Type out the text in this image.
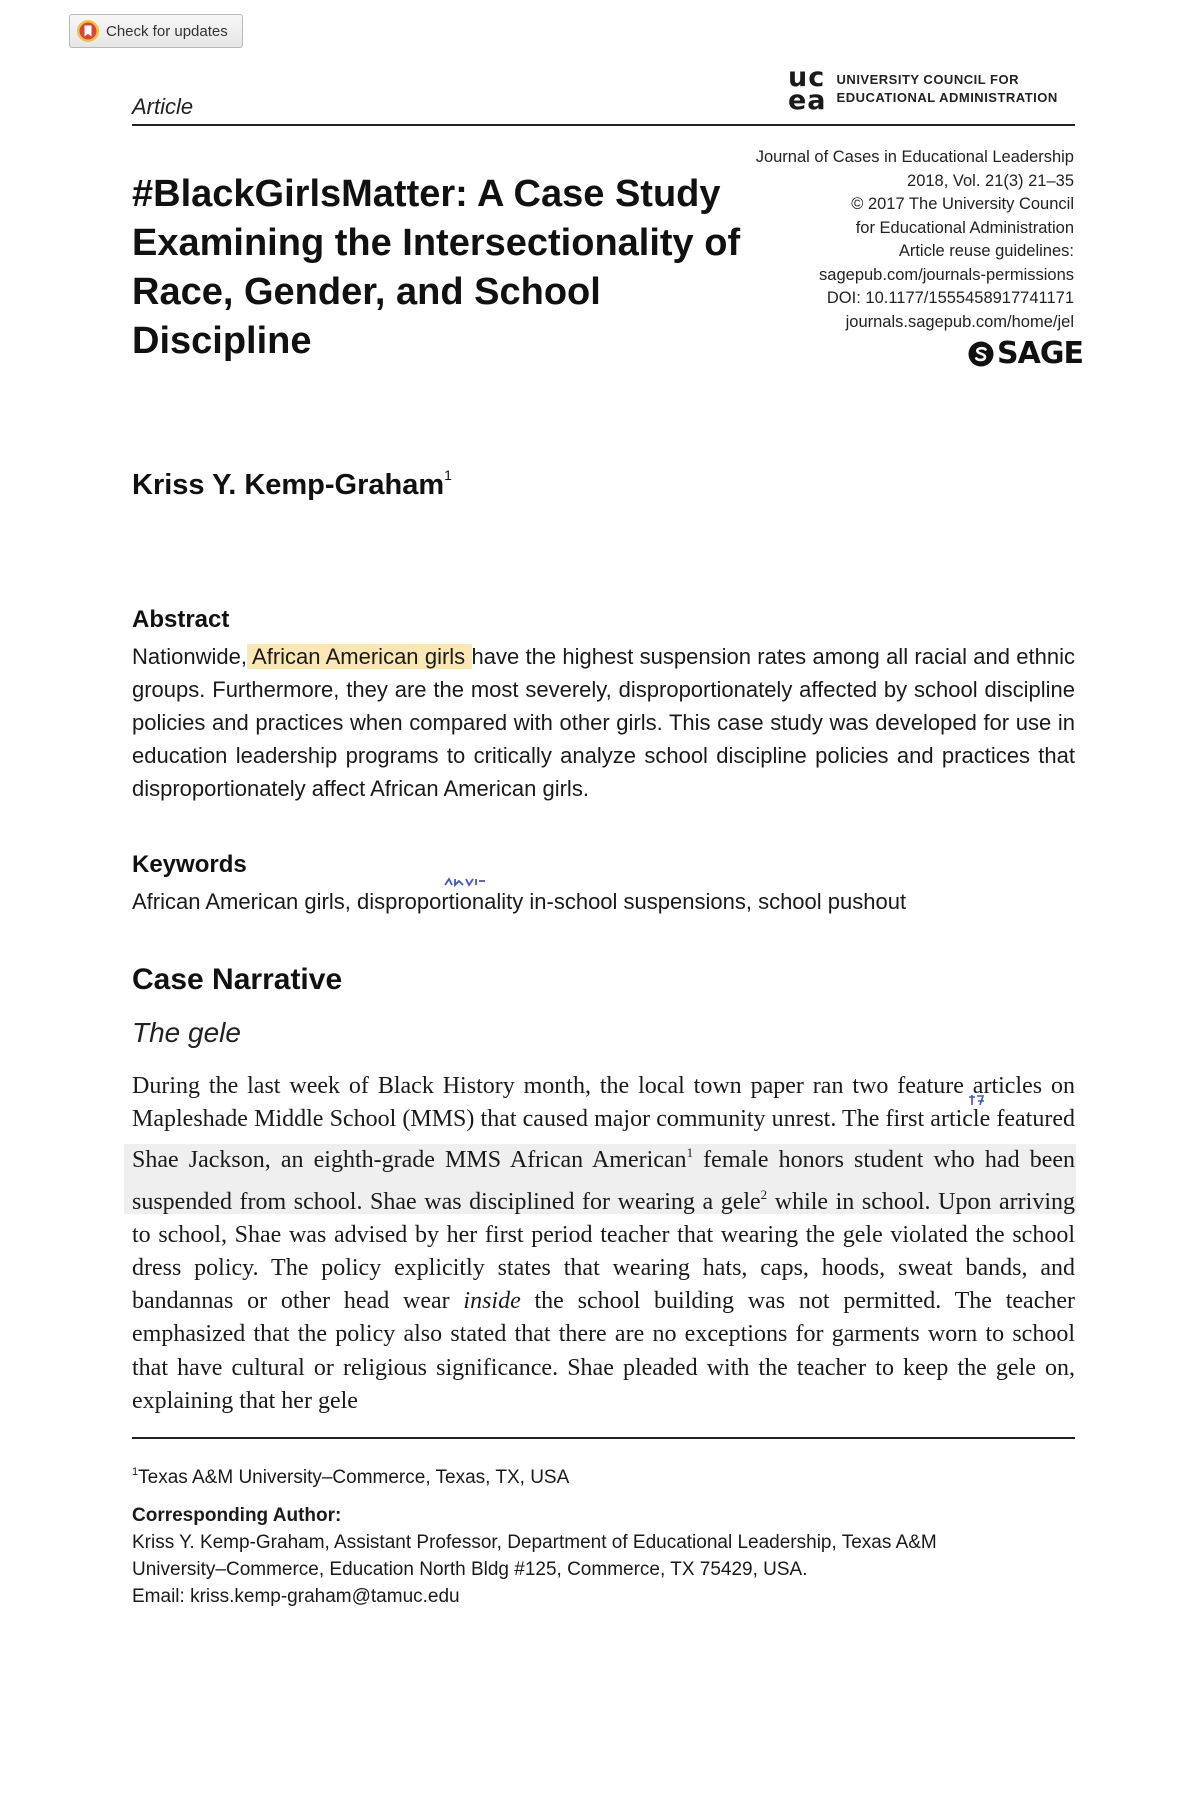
Check for updates
Article
uc
ea
UNIVERSITY COUNCIL FOR
EDUCATIONAL ADMINISTRATION
#BlackGirlsMatter: A Case Study Examining the Intersectionality of Race, Gender, and School Discipline
Journal of Cases in Educational Leadership
2018, Vol. 21(3) 21–35
© 2017 The University Council
for Educational Administration
Article reuse guidelines:
sagepub.com/journals-permissions
DOI: 10.1177/1555458917741171
journals.sagepub.com/home/jel
SAGE
Kriss Y. Kemp-Graham$^1$
Abstract

Nationwide, African American girls have the highest suspension rates among all racial and ethnic groups. Furthermore, they are the most severely, disproportionately affected by school discipline policies and practices when compared with other girls. This case study was developed for use in education leadership programs to critically analyze school discipline policies and practices that disproportionately affect African American girls.

Keywords

African American girls, disproportionality in-school suspensions, school pushout

Case Narrative
The gele

During the last week of Black History month, the local town paper ran two feature articles on Mapleshade Middle School (MMS) that caused major community unrest. The first article featured Shae Jackson, an eighth-grade MMS African American$^1$ female honors student who had been suspended from school. Shae was disciplined for wearing a gele$^2$ while in school. Upon arriving to school, Shae was advised by her first period teacher that wearing the gele violated the school dress policy. The policy explicitly states that wearing hats, caps, hoods, sweat bands, and bandannas or other head wear inside the school building was not permitted. The teacher emphasized that the policy also stated that there are no exceptions for garments worn to school that have cultural or religious significance. Shae pleaded with the teacher to keep the gele on, explaining that her gele

$^1$Texas A&M University–Commerce, Texas, TX, USA
Corresponding Author:
Kriss Y. Kemp-Graham, Assistant Professor, Department of Educational Leadership, Texas A&M
University–Commerce, Education North Bldg #125, Commerce, TX 75429, USA.
Email: kriss.kemp-graham@tamuc.edu
